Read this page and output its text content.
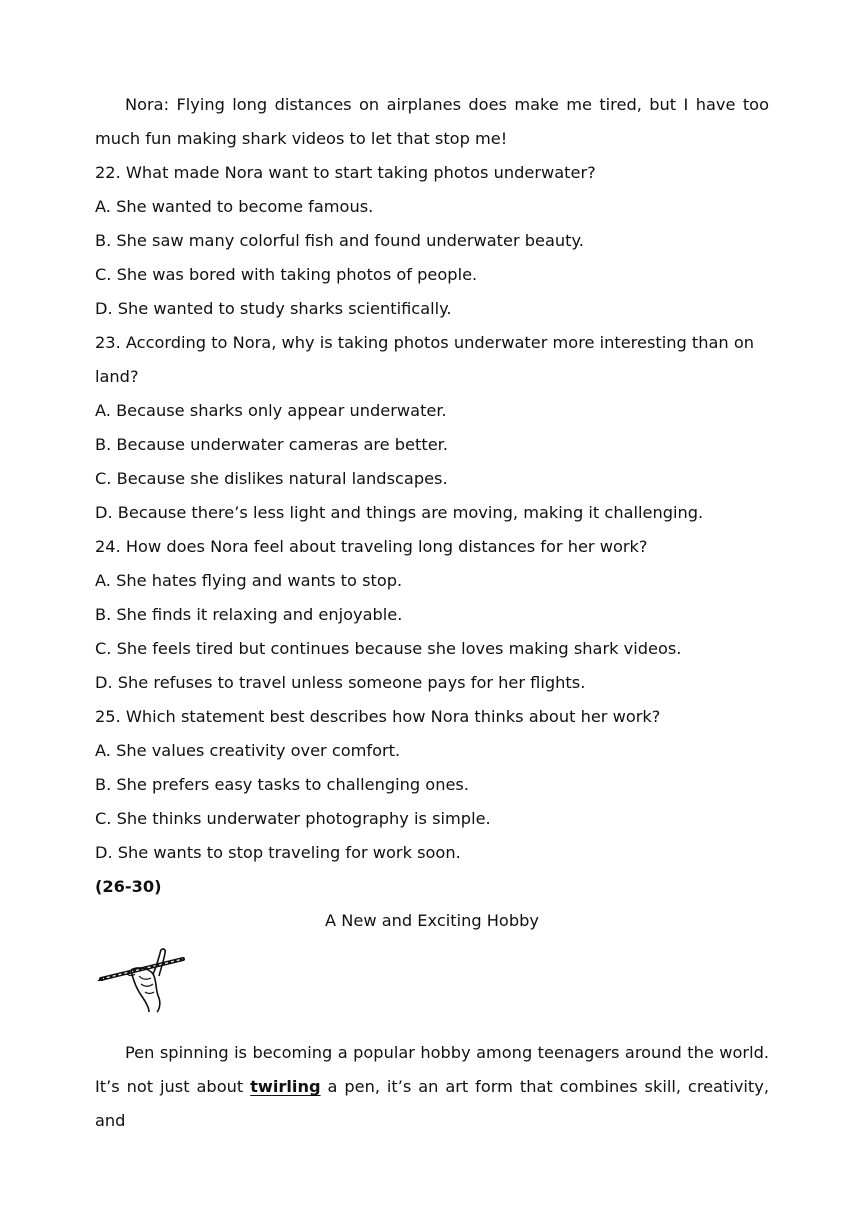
Nora: Flying long distances on airplanes does make me tired, but I have too much fun making shark videos to let that stop me!

22. What made Nora want to start taking photos underwater?

A. She wanted to become famous.

B. She saw many colorful fish and found underwater beauty.

C. She was bored with taking photos of people.

D. She wanted to study sharks scientifically.

23. According to Nora, why is taking photos underwater more interesting than on land?

A. Because sharks only appear underwater.

B. Because underwater cameras are better.

C. Because she dislikes natural landscapes.

D. Because there’s less light and things are moving, making it challenging.

24. How does Nora feel about traveling long distances for her work?

A. She hates flying and wants to stop.

B. She finds it relaxing and enjoyable.

C. She feels tired but continues because she loves making shark videos.

D. She refuses to travel unless someone pays for her flights.

25. Which statement best describes how Nora thinks about her work?

A. She values creativity over comfort.

B. She prefers easy tasks to challenging ones.

C. She thinks underwater photography is simple.

D. She wants to stop traveling for work soon.

(26-30)

A New and Exciting Hobby

Pen spinning is becoming a popular hobby among teenagers around the world. It’s not just about twirling a pen, it’s an art form that combines skill, creativity, and
